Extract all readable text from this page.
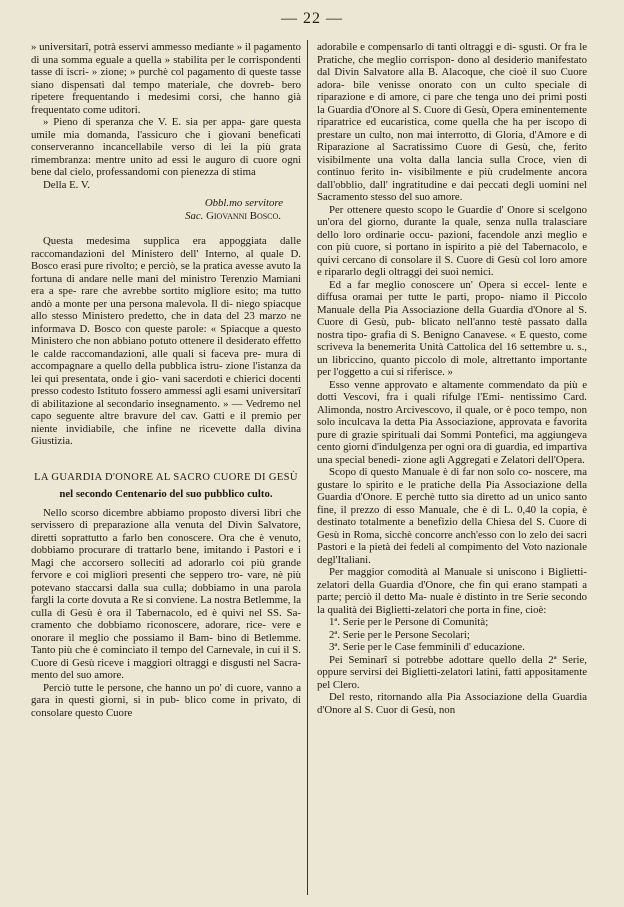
— 22 —

» universitarî, potrà esservi ammesso mediante » il pagamento di una somma eguale a quella » stabilita per le corrispondenti tasse di iscri- » zione; » purchè col pagamento di queste tasse siano dispensati dal tempo materiale, che dovreb- bero ripetere frequentando i medesimi corsi, che hanno già frequentato come uditori.

» Pieno di speranza che V. E. sia per appa- gare questa umile mia domanda, l'assicuro che i giovani beneficati conserveranno incancellabile verso di lei la più grata rimembranza: mentre unito ad essi le auguro di cuore ogni bene dal cielo, professandomi con pienezza di stima

Della E. V.

Obbl.mo servitore
Sac. Giovanni Bosco.

Questa medesima supplica era appoggiata dalle raccomandazioni del Ministero dell' Interno, al quale D. Bosco erasi pure rivolto; e perciò, se la pratica avesse avuto la fortuna di andare nelle mani del ministro Terenzio Mamiani era a spe- rare che avrebbe sortito migliore esito; ma tutto andò a monte per una persona malevola. Il di- niego spiacque allo stesso Ministero predetto, che in data del 23 marzo ne informava D. Bosco con queste parole: « Spiacque a questo Ministero che non abbiano potuto ottenere il desiderato effetto le calde raccomandazioni, alle quali si faceva pre- mura di accompagnare a quello della pubblica istru- zione l'istanza da lei qui presentata, onde i gio- vani sacerdoti e chierici docenti presso codesto Istituto fossero ammessi agli esami universitarî di abilitazione al secondario insegnamento. » — Vedremo nel capo seguente altre bravure del cav. Gatti e il premio per niente invidiabile, che infine ne ricevette dalla divina Giustizia.

LA GUARDIA D'ONORE AL SACRO CUORE DI GESÙ
nel secondo Centenario del suo pubblico culto.

Nello scorso dicembre abbiamo proposto diversi libri che servissero di preparazione alla venuta del Divin Salvatore, diretti soprattutto a farlo ben conoscere. Ora che è venuto, dobbiamo procurare di trattarlo bene, imitando i Pastori e i Magi che accorsero solleciti ad adorarlo coi più grande fervore e coi migliori presenti che seppero tro- vare, nè più potevano staccarsi dalla sua culla; dobbiamo in una parola fargli la corte dovuta a Re si conviene. La nostra Betlemme, la culla di Gesù è ora il Tabernacolo, ed è quivi nel SS. Sa- cramento che dobbiamo riconoscere, adorare, rice- vere e onorare il meglio che possiamo il Bam- bino di Betlemme. Tanto più che è cominciato il tempo del Carnevale, in cui il S. Cuore di Gesù riceve i maggiori oltraggi e disgusti nel Sacra- mento del suo amore.

Perciò tutte le persone, che hanno un po' di cuore, vanno a gara in questi giorni, si in pub- blico come in privato, di consolare questo Cuore

adorabile e compensarlo di tanti oltraggi e di- sgusti. Or fra le Pratiche, che meglio corrispon- dono al desiderio manifestato dal Divin Salvatore alla B. Alacoque, che cioè il suo Cuore adora- bile venisse onorato con un culto speciale di riparazione e di amore, ci pare che tenga uno dei primi posti la Guardia d'Onore al S. Cuore di Gesù, Opera eminentemente riparatrice ed eucaristica, come quella che ha per iscopo di prestare un culto, non mai interrotto, di Gloria, d'Amore e di Riparazione al Sacratissimo Cuore di Gesù, che, ferito visibilmente una volta dalla lancia sulla Croce, vien di continuo ferito in- visibilmente e più crudelmente ancora dall'obblio, dall' ingratitudine e dai peccati degli uomini nel Sacramento stesso del suo amore.

Per ottenere questo scopo le Guardie d' Onore si scelgono un'ora del giorno, durante la quale, senza nulla tralasciare dello loro ordinarie occu- pazioni, facendole anzi meglio e con più cuore, si portano in ispirito a piè del Tabernacolo, e quivi cercano di consolare il S. Cuore di Gesù col loro amore e ripararlo degli oltraggi dei suoi nemici.

Ed a far meglio conoscere un' Opera si eccel- lente e diffusa oramai per tutte le parti, propo- niamo il Piccolo Manuale della Pia Associazione della Guardia d'Onore al S. Cuore di Gesù, pub- blicato nell'anno testè passato dalla nostra tipo- grafia di S. Benigno Canavese. « E questo, come scriveva la benemerita Unità Cattolica del 16 settembre u. s., un libriccino, quanto piccolo di mole, altrettanto importante per l'oggetto a cui si riferisce. »

Esso venne approvato e altamente commendato da più e dotti Vescovi, fra i quali rifulge l'Emi- nentissimo Card. Alimonda, nostro Arcivescovo, il quale, or è poco tempo, non solo inculcava la detta Pia Associazione, approvata e favorita pure di grazie spirituali dai Sommi Pontefici, ma aggiungeva cento giorni d'indulgenza per ogni ora di guardia, ed impartiva una special benedi- zione agli Aggregati e Zelatori dell'Opera.

Scopo di questo Manuale è di far non solo co- noscere, ma gustare lo spirito e le pratiche della Pia Associazione della Guardia d'Onore. E perchè tutto sia diretto ad un unico santo fine, il prezzo di esso Manuale, che è di L. 0,40 la copia, è destinato totalmente a benefizio della Chiesa del S. Cuore di Gesù in Roma, sicchè concorre anch'esso con lo zelo dei sacri Pastori e la pietà dei fedeli al compimento del Voto nazionale degl'Italiani.

Per maggior comodità al Manuale si uniscono i Biglietti-zelatori della Guardia d'Onore, che fin qui erano stampati a parte; perciò il detto Ma- nuale è distinto in tre Serie secondo la qualità dei Biglietti-zelatori che porta in fine, cioè:

1ª. Serie per le Persone di Comunità;

2ª. Serie per le Persone Secolari;

3ª. Serie per le Case femminili d' educazione.

Pei Seminarî si potrebbe adottare quello della 2ª Serie, oppure servirsi dei Biglietti-zelatori latini, fatti appositamente pel Clero.

Del resto, ritornando alla Pia Associazione della Guardia d'Onore al S. Cuor di Gesù, non
